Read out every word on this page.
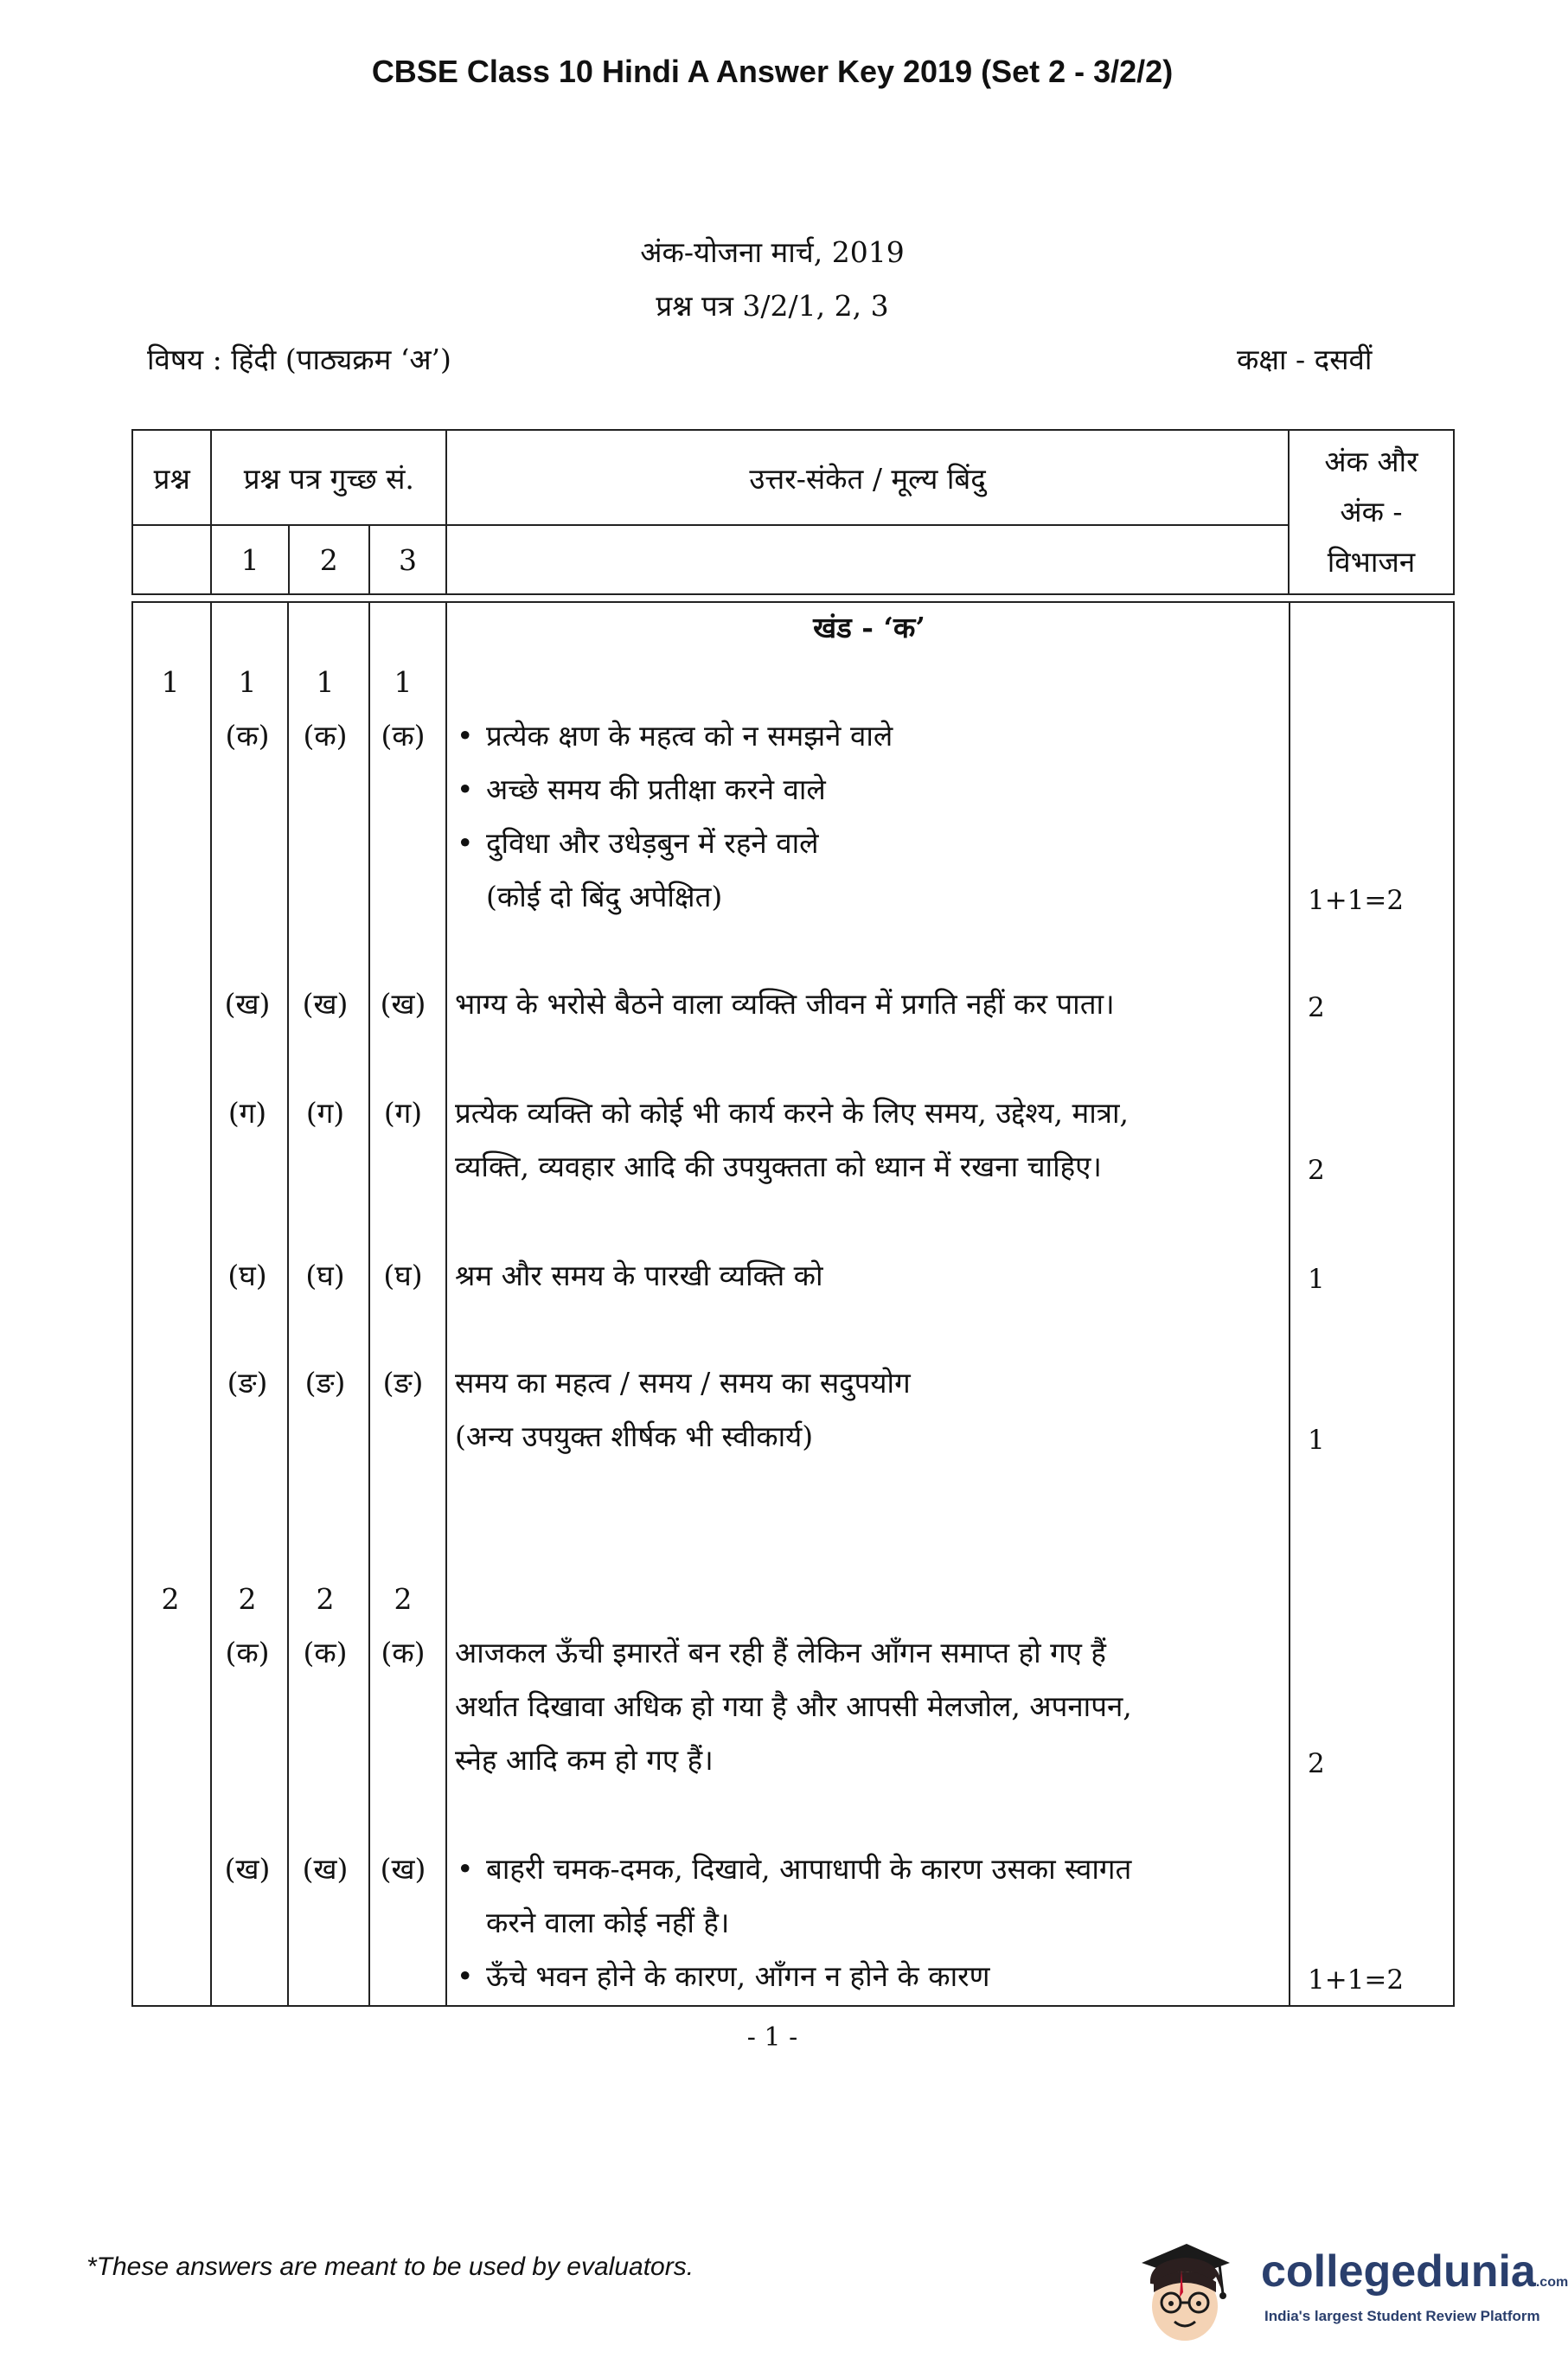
CBSE Class 10 Hindi A Answer Key 2019 (Set 2 - 3/2/2)
अंक-योजना मार्च, 2019
प्रश्न पत्र 3/2/1, 2, 3
विषय : हिंदी (पाठ्यक्रम ‘अ’)	कक्षा - दसवीं
प्रश्न	प्रश्न पत्र गुच्छ सं.			उत्तर-संकेत / मूल्य बिंदु	अंक और
अंक -
विभाजन

	1	2	3		

खंड - ‘क’
1	1	1	1
(क)	(क)	(क)	• प्रत्येक क्षण के महत्व को न समझने वाले
• अच्छे समय की प्रतीक्षा करने वाले
• दुविधा और उधेड़बुन में रहने वाले
(कोई दो बिंदु अपेक्षित)	1+1=2
(ख)	(ख)	(ख)	भाग्य के भरोसे बैठने वाला व्यक्ति जीवन में प्रगति नहीं कर पाता।	2
(ग)	(ग)	(ग)	प्रत्येक व्यक्ति को कोई भी कार्य करने के लिए समय, उद्देश्य, मात्रा,
व्यक्ति, व्यवहार आदि की उपयुक्तता को ध्यान में रखना चाहिए।	2
(घ)	(घ)	(घ)	श्रम और समय के पारखी व्यक्ति को	1
(ङ)	(ङ)	(ङ)	समय का महत्व / समय / समय का सदुपयोग
(अन्य उपयुक्त शीर्षक भी स्वीकार्य)	1
2	2	2	2
(क)	(क)	(क)	आजकल ऊँची इमारतें बन रही हैं लेकिन आँगन समाप्त हो गए हैं
अर्थात दिखावा अधिक हो गया है और आपसी मेलजोल, अपनापन,
स्नेह आदि कम हो गए हैं।	2
(ख)	(ख)	(ख)	• बाहरी चमक-दमक, दिखावे, आपाधापी के कारण उसका स्वागत
करने वाला कोई नहीं है।
• ऊँचे भवन होने के कारण, आँगन न होने के कारण	1+1=2
- 1 -
*These answers are meant to be used by evaluators.	collegedunia.com
India's largest Student Review Platform
